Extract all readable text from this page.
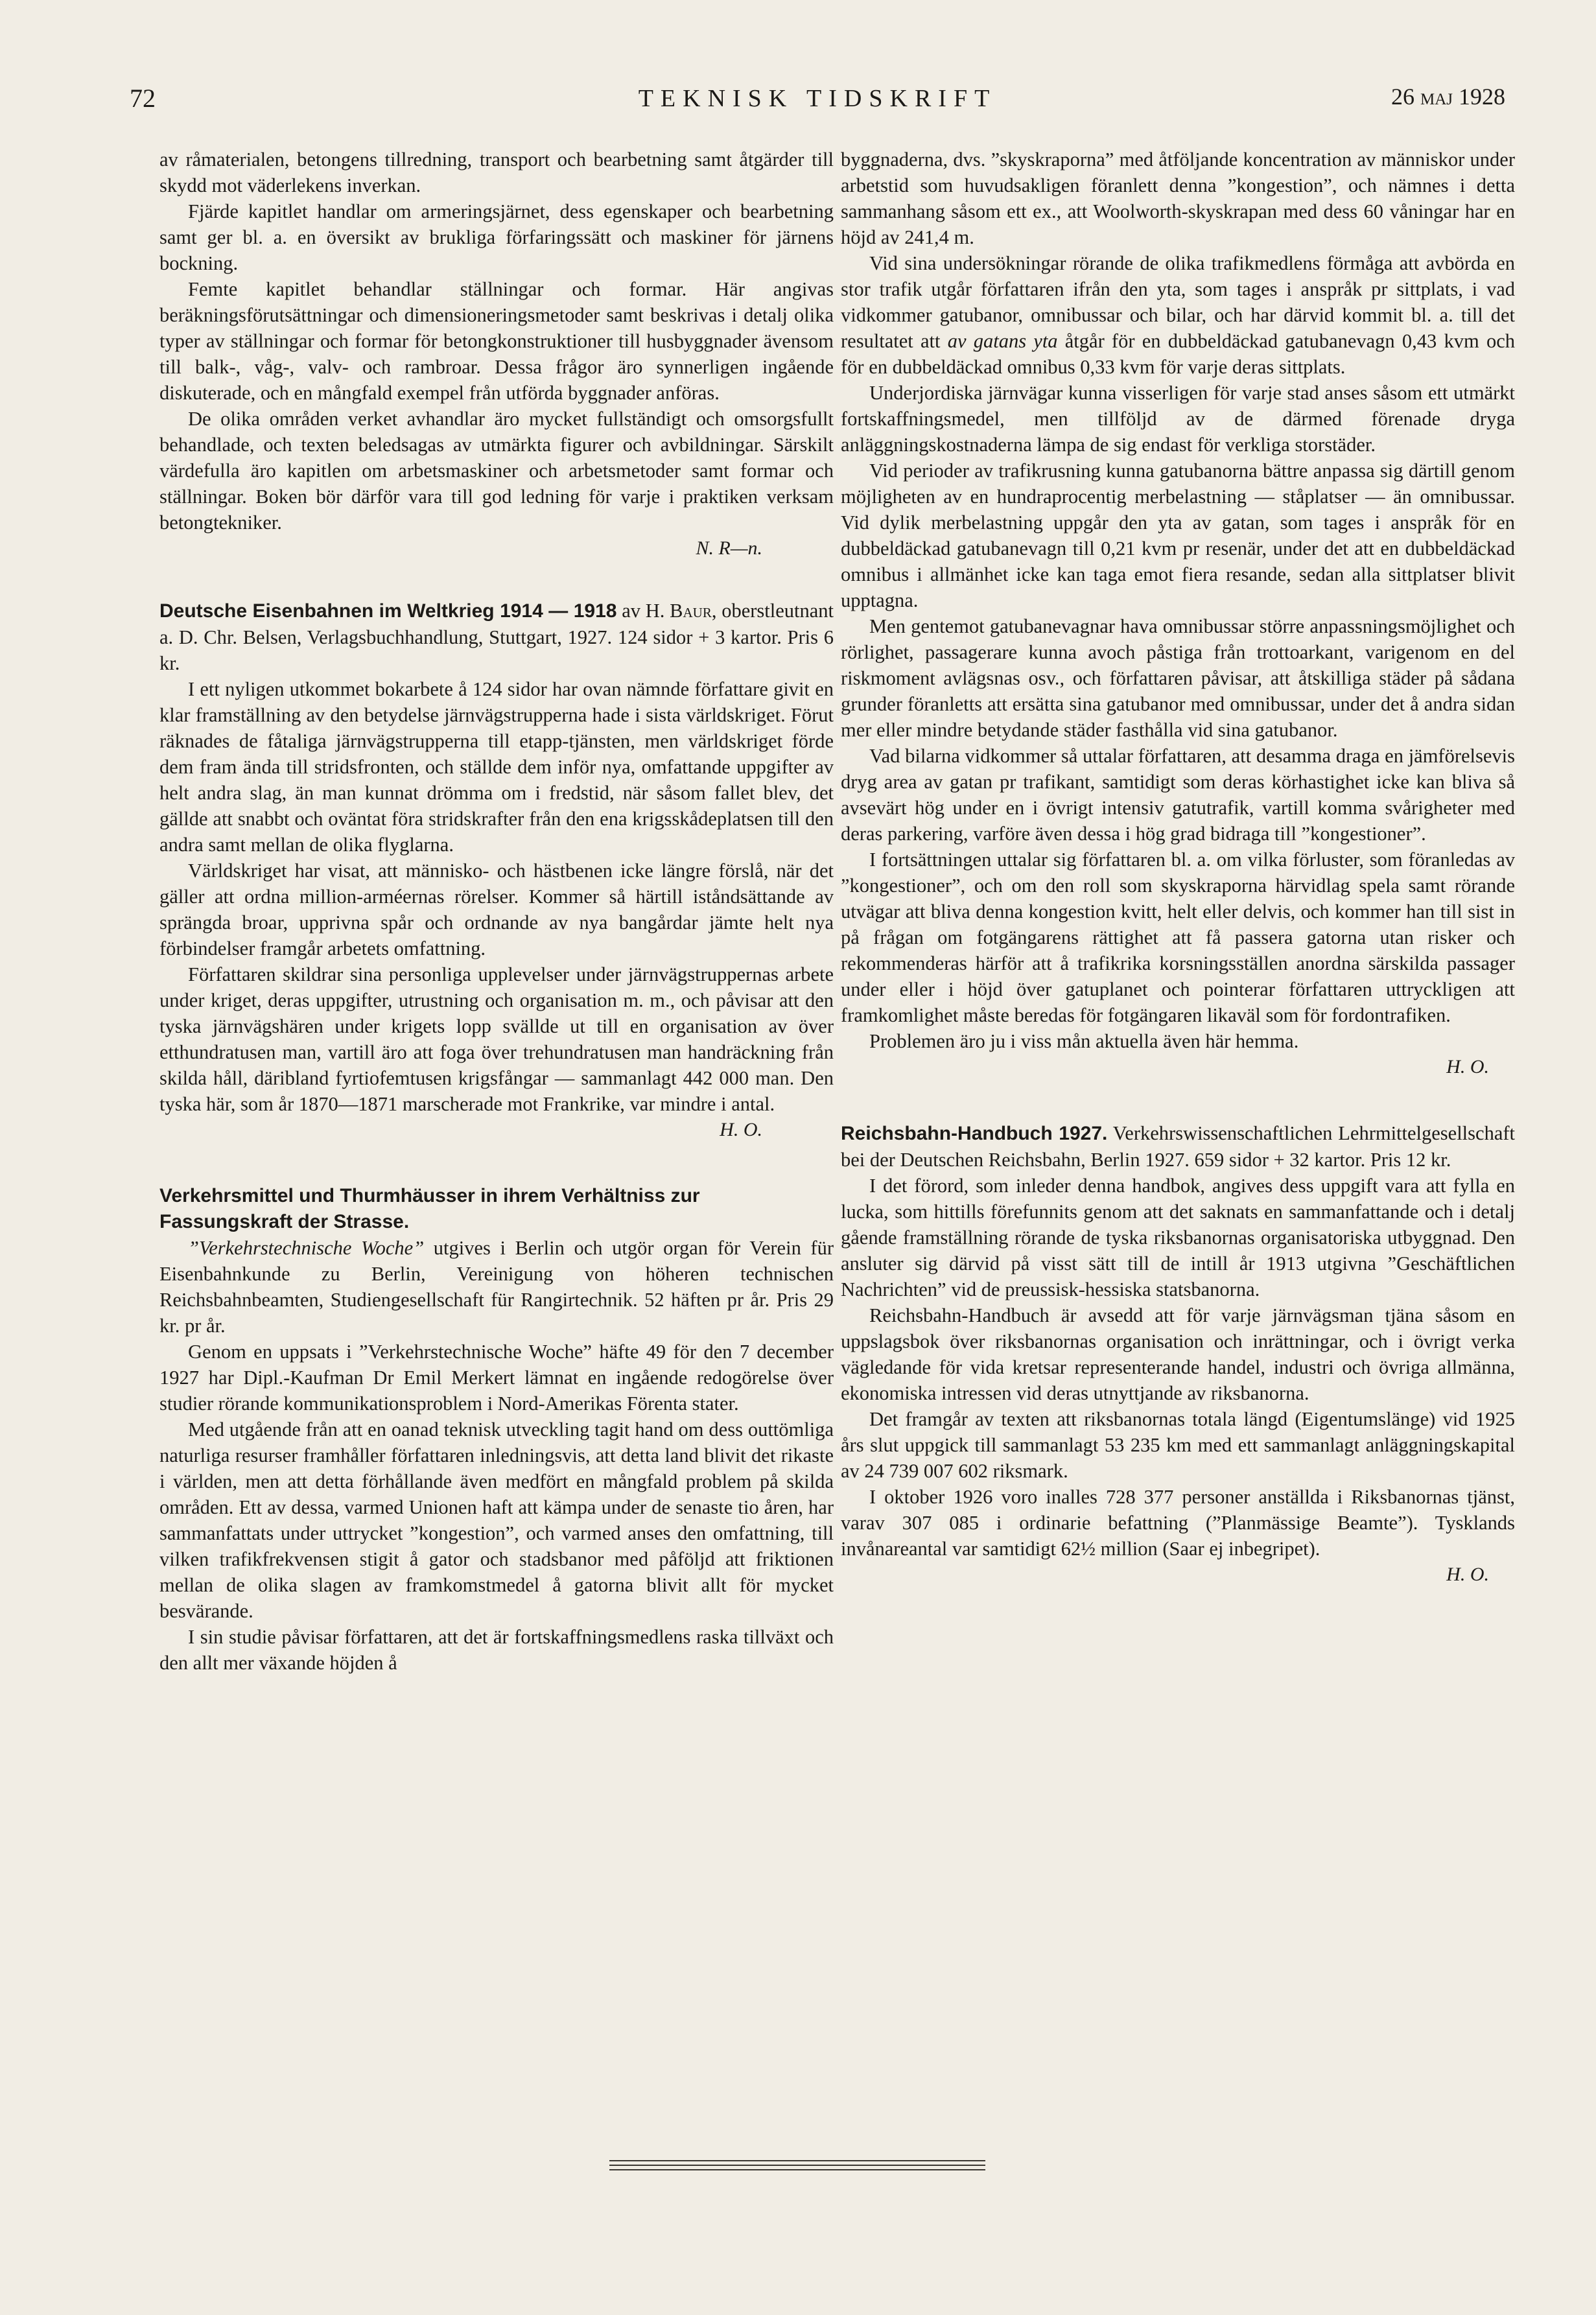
72	TEKNISK TIDSKRIFT	26 maj 1928

av råmaterialen, betongens tillredning, transport och bearbetning samt åtgärder till skydd mot väderlekens inverkan.

Fjärde kapitlet handlar om armeringsjärnet, dess egenskaper och bearbetning samt ger bl. a. en översikt av brukliga förfaringssätt och maskiner för järnens bockning.

Femte kapitlet behandlar ställningar och formar. Här angivas beräkningsförutsättningar och dimensioneringsmetoder samt beskrivas i detalj olika typer av ställningar och formar för betongkonstruktioner till husbyggnader ävensom till balk-, våg-, valv- och rambroar. Dessa frågor äro synnerligen ingående diskuterade, och en mångfald exempel från utförda byggnader anföras.

De olika områden verket avhandlar äro mycket fullständigt och omsorgsfullt behandlade, och texten beledsagas av utmärkta figurer och avbildningar. Särskilt värdefulla äro kapitlen om arbetsmaskiner och arbetsmetoder samt formar och ställningar. Boken bör därför vara till god ledning för varje i praktiken verksam betongtekniker.

N. R—n.

Deutsche Eisenbahnen im Weltkrieg 1914 — 1918 av H. Baur, oberstleutnant a. D. Chr. Belsen, Verlagsbuchhandlung, Stuttgart, 1927. 124 sidor + 3 kartor. Pris 6 kr.

I ett nyligen utkommet bokarbete å 124 sidor har ovan nämnde författare givit en klar framställning av den betydelse järnvägstrupperna hade i sista världskriget. Förut räknades de fåtaliga järnvägstrupperna till etapp-tjänsten, men världskriget förde dem fram ända till stridsfronten, och ställde dem inför nya, omfattande uppgifter av helt andra slag, än man kunnat drömma om i fredstid, när såsom fallet blev, det gällde att snabbt och oväntat föra stridskrafter från den ena krigsskådeplatsen till den andra samt mellan de olika flyglarna.

Världskriget har visat, att människo- och hästbenen icke längre förslå, när det gäller att ordna million-arméernas rörelser. Kommer så härtill iståndsättande av sprängda broar, upprivna spår och ordnande av nya bangårdar jämte helt nya förbindelser framgår arbetets omfattning.

Författaren skildrar sina personliga upplevelser under järnvägstruppernas arbete under kriget, deras uppgifter, utrustning och organisation m. m., och påvisar att den tyska järnvägshären under krigets lopp svällde ut till en organisation av över etthundratusen man, vartill äro att foga över trehundratusen man handräckning från skilda håll, däribland fyrtiofemtusen krigsfångar — sammanlagt 442 000 man. Den tyska här, som år 1870—1871 marscherade mot Frankrike, var mindre i antal.

H. O.

Verkehrsmittel und Thurmhäusser in ihrem Verhältniss zur Fassungskraft der Strasse.

”Verkehrstechnische Woche” utgives i Berlin och utgör organ för Verein für Eisenbahnkunde zu Berlin, Vereinigung von höheren technischen Reichsbahnbeamten, Studiengesellschaft für Rangirtechnik. 52 häften pr år. Pris 29 kr. pr år.

Genom en uppsats i ”Verkehrstechnische Woche” häfte 49 för den 7 december 1927 har Dipl.-Kaufman Dr Emil Merkert lämnat en ingående redogörelse över studier rörande kommunikationsproblem i Nord-Amerikas Förenta stater.

Med utgående från att en oanad teknisk utveckling tagit hand om dess outtömliga naturliga resurser framhåller författaren inledningsvis, att detta land blivit det rikaste i världen, men att detta förhållande även medfört en mångfald problem på skilda områden. Ett av dessa, varmed Unionen haft att kämpa under de senaste tio åren, har sammanfattats under uttrycket ”kongestion”, och varmed anses den omfattning, till vilken trafikfrekvensen stigit å gator och stadsbanor med påföljd att friktionen mellan de olika slagen av framkomstmedel å gatorna blivit allt för mycket besvärande.

I sin studie påvisar författaren, att det är fortskaffningsmedlens raska tillväxt och den allt mer växande höjden å

byggnaderna, dvs. ”skyskraporna” med åtföljande koncentration av människor under arbetstid som huvudsakligen föranlett denna ”kongestion”, och nämnes i detta sammanhang såsom ett ex., att Woolworth-skyskrapan med dess 60 våningar har en höjd av 241,4 m.

Vid sina undersökningar rörande de olika trafikmedlens förmåga att avbörda en stor trafik utgår författaren ifrån den yta, som tages i anspråk pr sittplats, i vad vidkommer gatubanor, omnibussar och bilar, och har därvid kommit bl. a. till det resultatet att av gatans yta åtgår för en dubbeldäckad gatubanevagn 0,43 kvm och för en dubbeldäckad omnibus 0,33 kvm för varje deras sittplats.

Underjordiska järnvägar kunna visserligen för varje stad anses såsom ett utmärkt fortskaffningsmedel, men tillföljd av de därmed förenade dryga anläggningskostnaderna lämpa de sig endast för verkliga storstäder.

Vid perioder av trafikrusning kunna gatubanorna bättre anpassa sig därtill genom möjligheten av en hundraprocentig merbelastning — ståplatser — än omnibussar. Vid dylik merbelastning uppgår den yta av gatan, som tages i anspråk för en dubbeldäckad gatubanevagn till 0,21 kvm pr resenär, under det att en dubbeldäckad omnibus i allmänhet icke kan taga emot fiera resande, sedan alla sittplatser blivit upptagna.

Men gentemot gatubanevagnar hava omnibussar större anpassningsmöjlighet och rörlighet, passagerare kunna avoch påstiga från trottoarkant, varigenom en del riskmoment avlägsnas osv., och författaren påvisar, att åtskilliga städer på sådana grunder föranletts att ersätta sina gatubanor med omnibussar, under det å andra sidan mer eller mindre betydande städer fasthålla vid sina gatubanor.

Vad bilarna vidkommer så uttalar författaren, att desamma draga en jämförelsevis dryg area av gatan pr trafikant, samtidigt som deras körhastighet icke kan bliva så avsevärt hög under en i övrigt intensiv gatutrafik, vartill komma svårigheter med deras parkering, varföre även dessa i hög grad bidraga till ”kongestioner”.

I fortsättningen uttalar sig författaren bl. a. om vilka förluster, som föranledas av ”kongestioner”, och om den roll som skyskraporna härvidlag spela samt rörande utvägar att bliva denna kongestion kvitt, helt eller delvis, och kommer han till sist in på frågan om fotgängarens rättighet att få passera gatorna utan risker och rekommenderas härför att å trafikrika korsningsställen anordna särskilda passager under eller i höjd över gatuplanet och pointerar författaren uttryckligen att framkomlighet måste beredas för fotgängaren likaväl som för fordontrafiken.

Problemen äro ju i viss mån aktuella även här hemma.

H. O.

Reichsbahn-Handbuch 1927. Verkehrswissenschaftlichen Lehrmittelgesellschaft bei der Deutschen Reichsbahn, Berlin 1927. 659 sidor + 32 kartor. Pris 12 kr.

I det förord, som inleder denna handbok, angives dess uppgift vara att fylla en lucka, som hittills förefunnits genom att det saknats en sammanfattande och i detalj gående framställning rörande de tyska riksbanornas organisatoriska utbyggnad. Den ansluter sig därvid på visst sätt till de intill år 1913 utgivna ”Geschäftlichen Nachrichten” vid de preussisk-hessiska statsbanorna.

Reichsbahn-Handbuch är avsedd att för varje järnvägsman tjäna såsom en uppslagsbok över riksbanornas organisation och inrättningar, och i övrigt verka vägledande för vida kretsar representerande handel, industri och övriga allmänna, ekonomiska intressen vid deras utnyttjande av riksbanorna.

Det framgår av texten att riksbanornas totala längd (Eigentumslänge) vid 1925 års slut uppgick till sammanlagt 53 235 km med ett sammanlagt anläggningskapital av 24 739 007 602 riksmark.

I oktober 1926 voro inalles 728 377 personer anställda i Riksbanornas tjänst, varav 307 085 i ordinarie befattning (”Planmässige Beamte”). Tysklands invånareantal var samtidigt 62½ million (Saar ej inbegripet).

H. O.
